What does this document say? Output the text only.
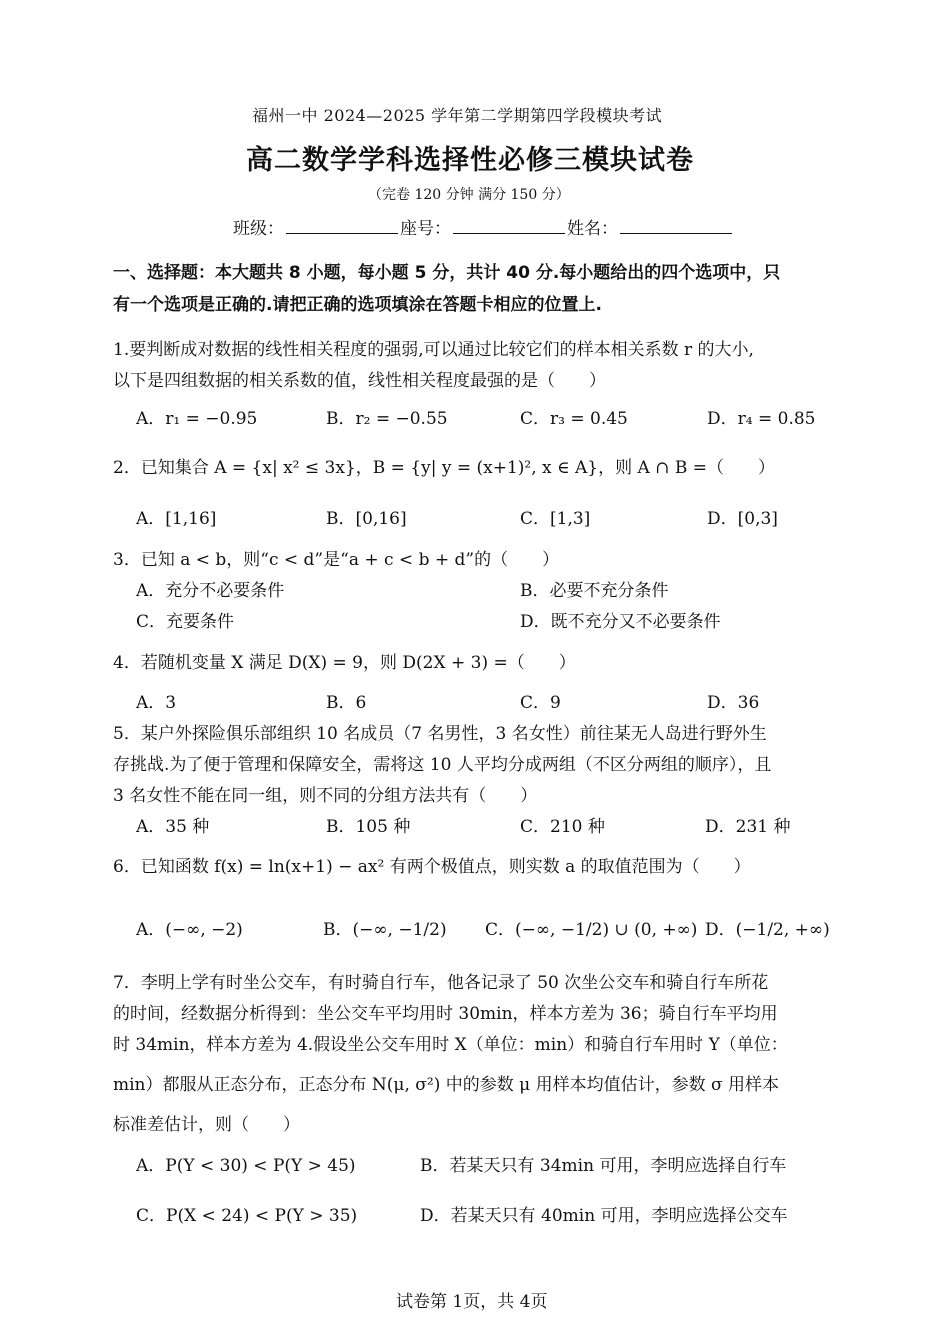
福州一中 2024—2025 学年第二学期第四学段模块考试
高二数学学科选择性必修三模块试卷
（完卷 120 分钟 满分 150 分）
班级：	座号：	姓名：
一、选择题：本大题共 8 小题，每小题 5 分，共计 40 分.每小题给出的四个选项中，只
有一个选项是正确的.请把正确的选项填涂在答题卡相应的位置上.
1.要判断成对数据的线性相关程度的强弱,可以通过比较它们的样本相关系数 r 的大小,
以下是四组数据的相关系数的值，线性相关程度最强的是（　　）
A．r₁ = −0.95	B．r₂ = −0.55	C．r₃ = 0.45	D．r₄ = 0.85
2．已知集合 A = {x| x² ≤ 3x}，B = {y| y = (x+1)², x ∈ A}，则 A ∩ B =（　　）
A．[1,16]	B．[0,16]	C．[1,3]	D．[0,3]
3．已知 a < b，则“c < d”是“a + c < b + d”的（　　）
A．充分不必要条件	B．必要不充分条件
C．充要条件	D．既不充分又不必要条件
4．若随机变量 X 满足 D(X) = 9，则 D(2X + 3) =（　　）
A．3	B．6	C．9	D．36
5．某户外探险俱乐部组织 10 名成员（7 名男性，3 名女性）前往某无人岛进行野外生
存挑战.为了便于管理和保障安全，需将这 10 人平均分成两组（不区分两组的顺序），且
3 名女性不能在同一组，则不同的分组方法共有（　　）
A．35 种	B．105 种	C．210 种	D．231 种
6．已知函数 f(x) = ln(x+1) − ax² 有两个极值点，则实数 a 的取值范围为（　　）
A．(−∞, −2)	B．(−∞, −1/2) C．(−∞, −1/2) ∪ (0, +∞) D．(−1/2, +∞)
7．李明上学有时坐公交车，有时骑自行车，他各记录了 50 次坐公交车和骑自行车所花
的时间，经数据分析得到：坐公交车平均用时 30min，样本方差为 36；骑自行车平均用
时 34min，样本方差为 4.假设坐公交车用时 X（单位：min）和骑自行车用时 Y（单位：
min）都服从正态分布，正态分布 N(μ, σ²) 中的参数 μ 用样本均值估计，参数 σ 用样本
标准差估计，则（　　）
A．P(Y < 30) < P(Y > 45)	B．若某天只有 34min 可用，李明应选择自行车
C．P(X < 24) < P(Y > 35)	D．若某天只有 40min 可用，李明应选择公交车
试卷第 1页，共 4页
